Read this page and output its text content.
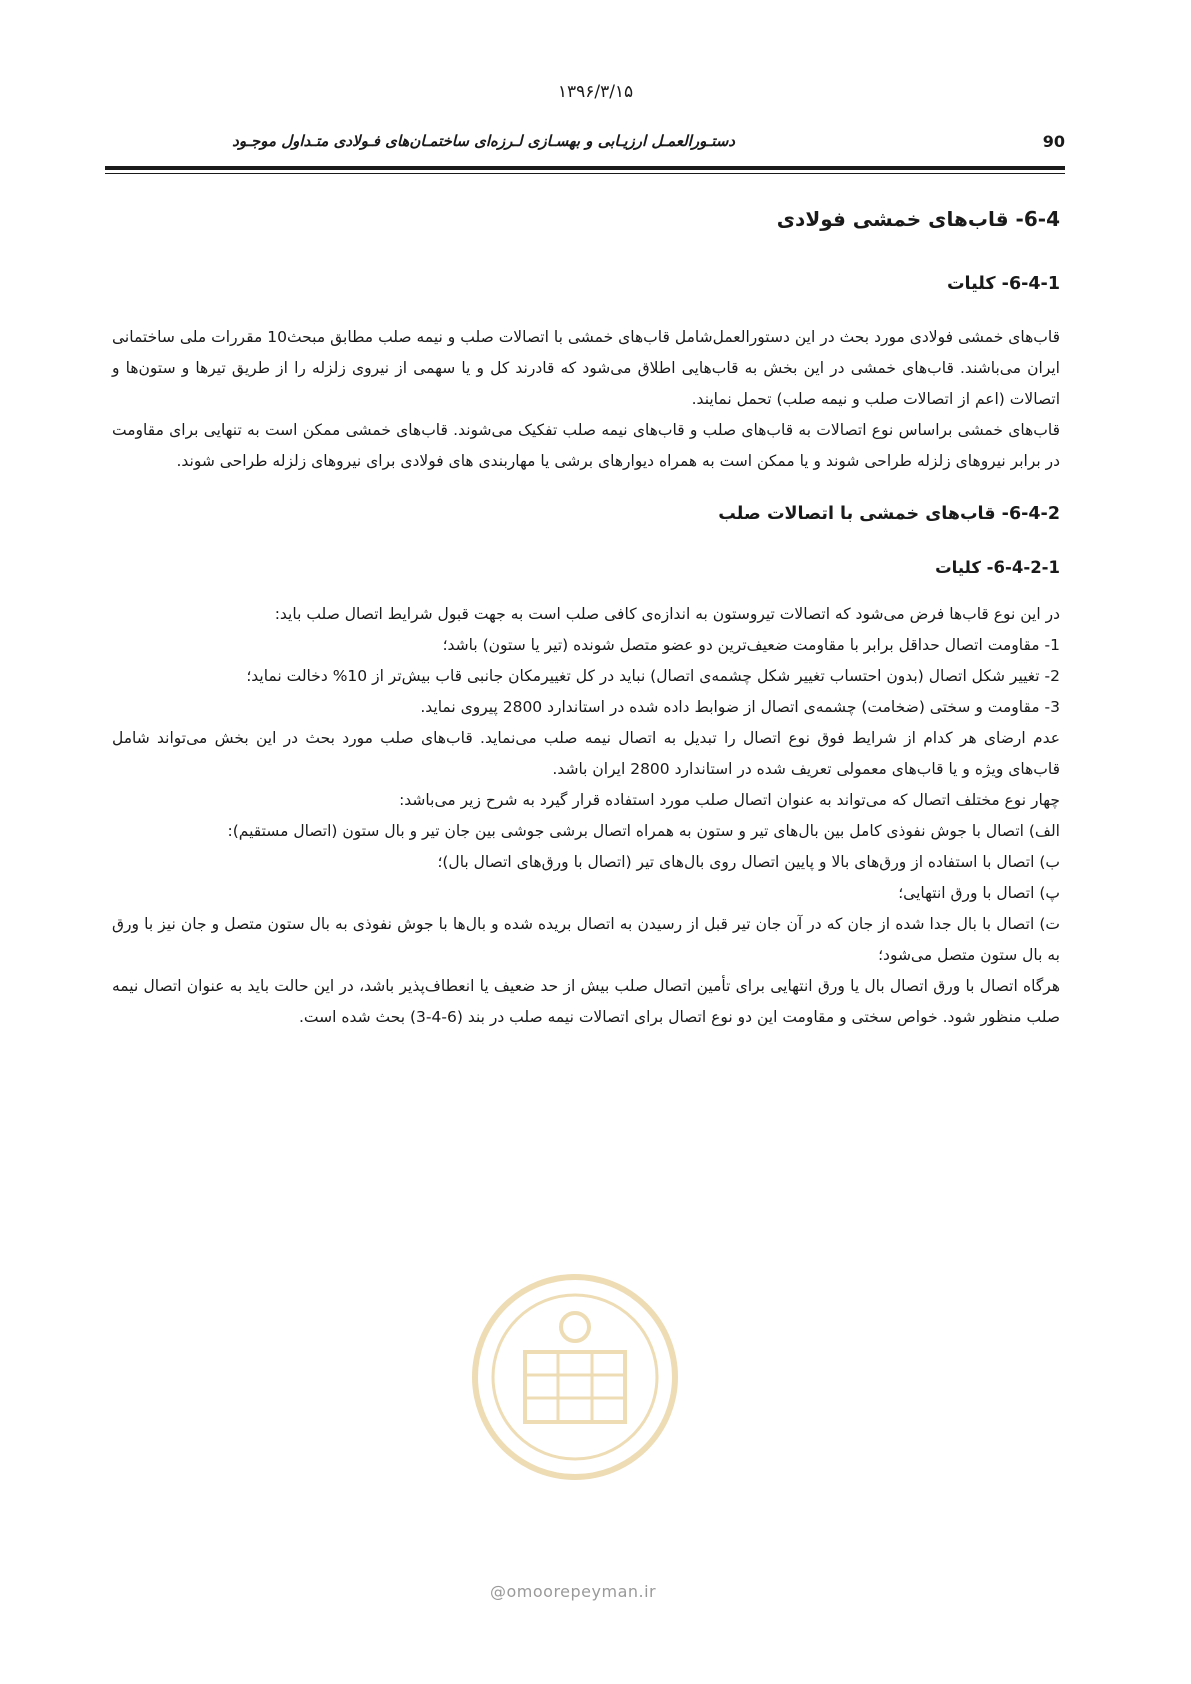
۱۳۹۶/۳/۱۵
دستـورالعمـل ارزیـابی و بهسـازی لـرزه‌ای ساختمـان‌های فـولادی متـداول موجـود	90

6-4- قاب‌های خمشی فولادی

6-4-1- کلیات

قاب‌های خمشی فولادی مورد بحث در این دستورالعمل‌شامل قاب‌های خمشی با اتصالات صلب و نیمه صلب مطابق مبحث10 مقررات ملی ساختمانی ایران می‌باشند. قاب‌های خمشی در این بخش به قاب‌هایی اطلاق می‌شود که قادرند کل و یا سهمی از نیروی زلزله را از طریق تیرها و ستون‌ها و اتصالات (اعم از اتصالات صلب و نیمه صلب) تحمل نمایند.

قاب‌های خمشی براساس نوع اتصالات به قاب‌های صلب و قاب‌های نیمه صلب تفکیک می‌شوند. قاب‌های خمشی ممکن است به تنهایی برای مقاومت در برابر نیروهای زلزله طراحی شوند و یا ممکن است به همراه دیوارهای برشی یا مهاربندی های فولادی برای نیروهای زلزله طراحی شوند.

6-4-2- قاب‌های خمشی با اتصالات صلب

6-4-2-1- کلیات

در این نوع قاب‌ها فرض می‌شود که اتصالات تیروستون به اندازه‌ی کافی صلب است به جهت قبول شرایط اتصال صلب باید:

1- مقاومت اتصال حداقل برابر با مقاومت ضعیف‌ترین دو عضو متصل شونده (تیر یا ستون) باشد؛

2- تغییر شکل اتصال (بدون احتساب تغییر شکل چشمه‌ی اتصال) نباید در کل تغییرمکان جانبی قاب بیش‌تر از 10% دخالت نماید؛

3- مقاومت و سختی (ضخامت) چشمه‌ی اتصال از ضوابط داده شده در استاندارد 2800 پیروی نماید.

عدم ارضای هر کدام از شرایط فوق نوع اتصال را تبدیل به اتصال نیمه صلب می‌نماید. قاب‌های صلب مورد بحث در این بخش می‌تواند شامل قاب‌های ویژه و یا قاب‌های معمولی تعریف شده در استاندارد 2800 ایران باشد.

چهار نوع مختلف اتصال که می‌تواند به عنوان اتصال صلب مورد استفاده قرار گیرد به شرح زیر می‌باشد:

الف) اتصال با جوش نفوذی کامل بین بال‌های تیر و ستون به همراه اتصال برشی جوشی بین جان تیر و بال ستون (اتصال مستقیم):

ب) اتصال با استفاده از ورق‌های بالا و پایین اتصال روی بال‌های تیر (اتصال با ورق‌های اتصال بال)؛

پ) اتصال با ورق انتهایی؛

ت) اتصال با بال جدا شده از جان که در آن جان تیر قبل از رسیدن به اتصال بریده شده و بال‌ها با جوش نفوذی به بال ستون متصل و جان نیز با ورق به بال ستون متصل می‌شود؛

هرگاه اتصال با ورق اتصال بال یا ورق انتهایی برای تأمین اتصال صلب بیش از حد ضعیف یا انعطاف‌پذیر باشد، در این حالت باید به عنوان اتصال نیمه صلب منظور شود. خواص سختی و مقاومت این دو نوع اتصال برای اتصالات نیمه صلب در بند (6-4-3) بحث شده است.

@omoorepeyman.ir
